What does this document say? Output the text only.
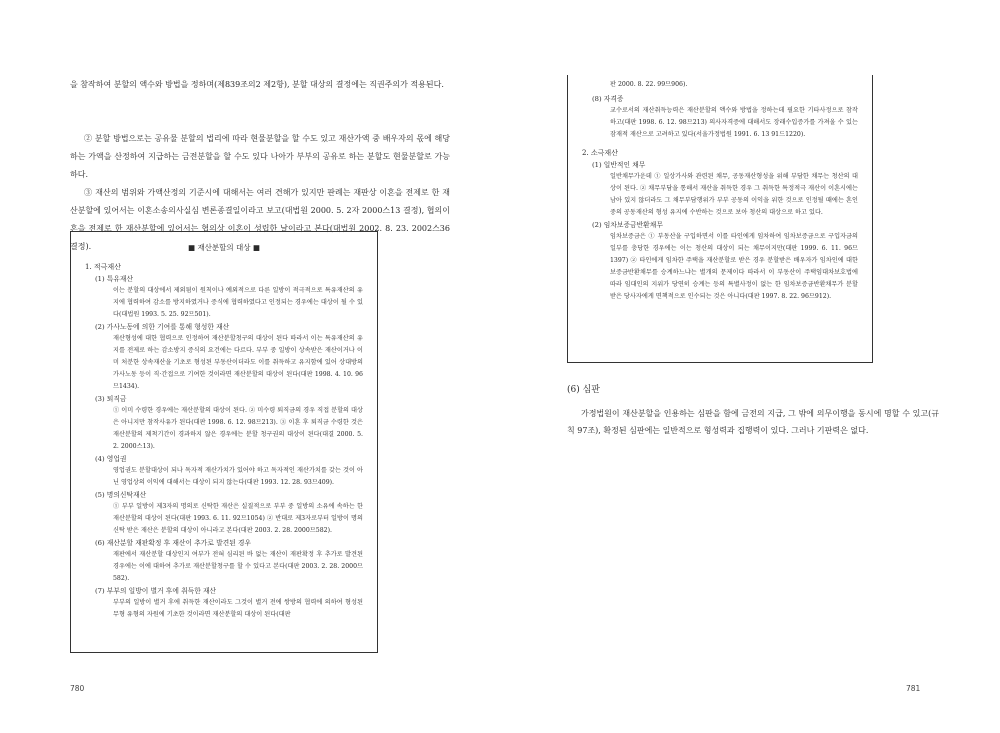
을 참작하여 분할의 액수와 방법을 정하며(제839조의2 제2항), 분할 대상의 결정에는 직권주의가 적용된다.

② 분할 방법으로는 공유물 분할의 법리에 따라 현물분할을 할 수도 있고 재산가액 중 배우자의 몫에 해당하는 가액을 산정하여 지급하는 금전분할을 할 수도 있다 나아가 부부의 공유로 하는 분할도 현물분할로 가능하다.

③ 재산의 범위와 가액산정의 기준시에 대해서는 여러 견해가 있지만 판례는 재판상 이혼을 전제로 한 재산분할에 있어서는 이혼소송의사실심 변론종결일이라고 보고(대법원 2000. 5. 2자 2000스13 결정), 협의이혼을 전제로 한 재산분할에 있어서는 협의상 이혼이 성립한 날이라고 본다(대법원 2002. 8. 23. 2002스36 결정).	■ 재산분할의 대상 ■
1. 적극재산
(1) 특유재산
이는 분할의 대상에서 제외됨이 원칙이나 예외적으로 다른 일방이 적극적으로 특유재산의 유지에 협력하여 감소를 방지하였거나 증식에 협력하였다고 인정되는 경우에는 대상이 될 수 있다(대법원 1993. 5. 25. 92므501).
(2) 가사노동에 의한 기여를 통해 형성한 재산
재산형성에 대한 협력으로 인정하여 재산분할청구의 대상이 된다 따라서 이는 특유재산의 유지를 전제로 하는 감소방지 증식의 요건에는 다르다. 부부 중 일방이 상속받은 재산이거나 이미 처분한 상속재산을 기초로 형성된 부동산이더라도 이를 취득하고 유지함에 있어 상대방의 가사노동 등이 직·간접으로 기여한 것이라면 재산분할의 대상이 된다(대판 1998. 4. 10. 96므1434).
(3) 퇴직금
① 이미 수령한 경우에는 재산분할의 대상이 된다. ② 미수령 퇴직금의 경우 직접 분할의 대상은 아니지만 참작사유가 된다(대판 1998. 6. 12. 98므213). ③ 이혼 후 퇴직금 수령한 것은 재산분할의 제척기간이 경과하지 않은 경우에는 분할 청구권의 대상이 된다(대결 2000. 5. 2. 2000스13).
(4) 영업권
영업권도 분할대상이 되나 독자적 재산가치가 있어야 하고 독자적인 재산가치를 갖는 것이 아닌 영업상의 이익에 대해서는 대상이 되지 않는다(대판 1993. 12. 28. 93므409).
(5) 명의신탁재산
① 부부 일방이 제3자의 명의로 신탁한 재산은 실질적으로 부부 중 일방의 소유에 속하는 한 재산분할의 대상이 된다(대판 1993. 6. 11. 92므1054) ② 반대로 제3자로부터 일방이 명의신탁 받은 재산은 분할의 대상이 아니라고 본다(대판 2003. 2. 28. 2000므582).
(6) 재산분할 재판확정 후 재산이 추가로 발견된 경우
재판에서 재산분할 대상인지 여부가 전혀 심리된 바 없는 재산이 재판확정 후 추가로 발견된 경우에는 이에 대하여 추가로 재산분할청구를 할 수 있다고 본다(대판 2003. 2. 28. 2000므582).
(7) 부부의 일방이 별거 후에 취득한 재산
부부의 일방이 별거 후에 취득한 재산이라도 그것이 별거 전에 쌍방의 협력에 의하여 형성된 무형 유형의 자원에 기초한 것이라면 재산분할의 대상이 된다(대판
780
판 2000. 8. 22. 99므906).
(8) 자격증
교수로서의 재산취득능력은 재산분할의 액수와 방법을 정하는데 필요한 기타사정으로 참작하고(대판 1998. 6. 12. 98므213) 의사자격증에 대해서도 장래수입증가를 가져올 수 있는 잠재적 재산으로 고려하고 있다(서울가정법원 1991. 6. 13 91드1220).
2. 소극재산
(1) 일반적인 채무
일반채무가운데 ① 일상가사와 관련된 채무, 공동재산형성을 위해 부담한 채무는 청산의 대상이 된다. ② 채무부담을 통해서 재산을 취득한 경우 그 취득한 특정적극 재산이 이혼시에는 남아 있지 않더라도 그 채무부담행위가 부부 공동의 이익을 위한 것으로 인정될 때에는 혼인 중의 공동재산의 형성 유지에 수반하는 것으로 보아 청산의 대상으로 하고 있다.
(2) 임차보증금반환채무
임차보증금은 ① 부동산을 구입하면서 이를 타인에게 임차하여 임차보증금으로 구입자금의 일부를 충당한 경우에는 이는 청산의 대상이 되는 채무이지만(대판 1999. 6. 11. 96므1397) ② 타인에게 임차한 주택을 재산분할로 받은 경우 분할받은 배우자가 임차인에 대한 보증금반환채무를 승계하느냐는 별개의 문제이다 따라서 이 부동산이 주택임대차보호법에 따라 임대인의 지위가 당연히 승계는 등의 특별사정이 없는 한 임차보증금반환채무가 분할 받은 당사자에게 면책적으로 인수되는 것은 아니다(대판 1997. 8. 22. 96므912).

(6) 심판

가정법원이 재산분할을 인용하는 심판을 함에 금전의 지급, 그 밖에 의무이행을 동시에 명할 수 있고(규칙 97조), 확정된 심판에는 일반적으로 형성력과 집행력이 있다. 그러나 기판력은 없다.

781
